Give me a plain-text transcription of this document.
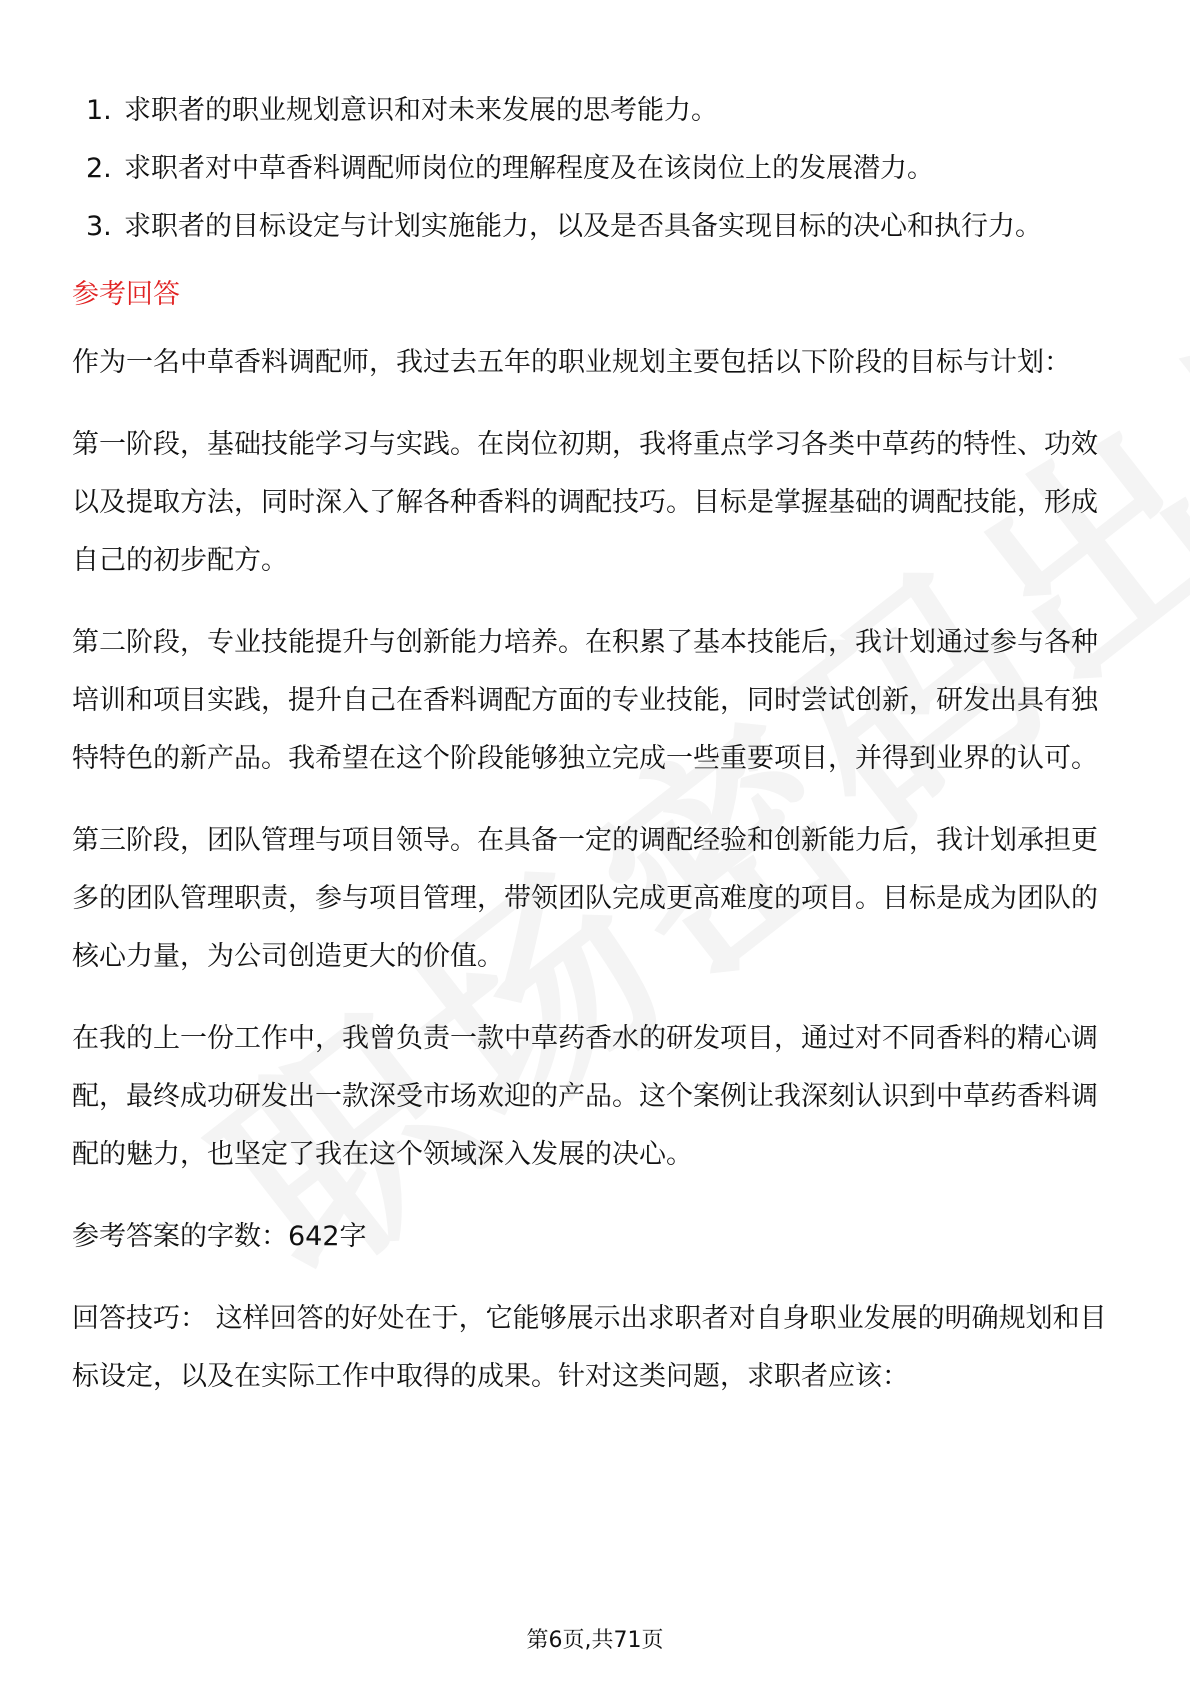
1. 求职者的职业规划意识和对未来发展的思考能力。
2. 求职者对中草香料调配师岗位的理解程度及在该岗位上的发展潜力。
3. 求职者的目标设定与计划实施能力，以及是否具备实现目标的决心和执行力。
参考回答

作为一名中草香料调配师，我过去五年的职业规划主要包括以下阶段的目标与计划：

第一阶段，基础技能学习与实践。在岗位初期，我将重点学习各类中草药的特性、功效以及提取方法，同时深入了解各种香料的调配技巧。目标是掌握基础的调配技能，形成自己的初步配方。

第二阶段，专业技能提升与创新能力培养。在积累了基本技能后，我计划通过参与各种培训和项目实践，提升自己在香料调配方面的专业技能，同时尝试创新，研发出具有独特特色的新产品。我希望在这个阶段能够独立完成一些重要项目，并得到业界的认可。

第三阶段，团队管理与项目领导。在具备一定的调配经验和创新能力后，我计划承担更多的团队管理职责，参与项目管理，带领团队完成更高难度的项目。目标是成为团队的核心力量，为公司创造更大的价值。

在我的上一份工作中，我曾负责一款中草药香水的研发项目，通过对不同香料的精心调配，最终成功研发出一款深受市场欢迎的产品。这个案例让我深刻认识到中草药香料调配的魅力，也坚定了我在这个领域深入发展的决心。

参考答案的字数：642字

回答技巧： 这样回答的好处在于，它能够展示出求职者对自身职业发展的明确规划和目标设定，以及在实际工作中取得的成果。针对这类问题，求职者应该：

第6页,共71页
